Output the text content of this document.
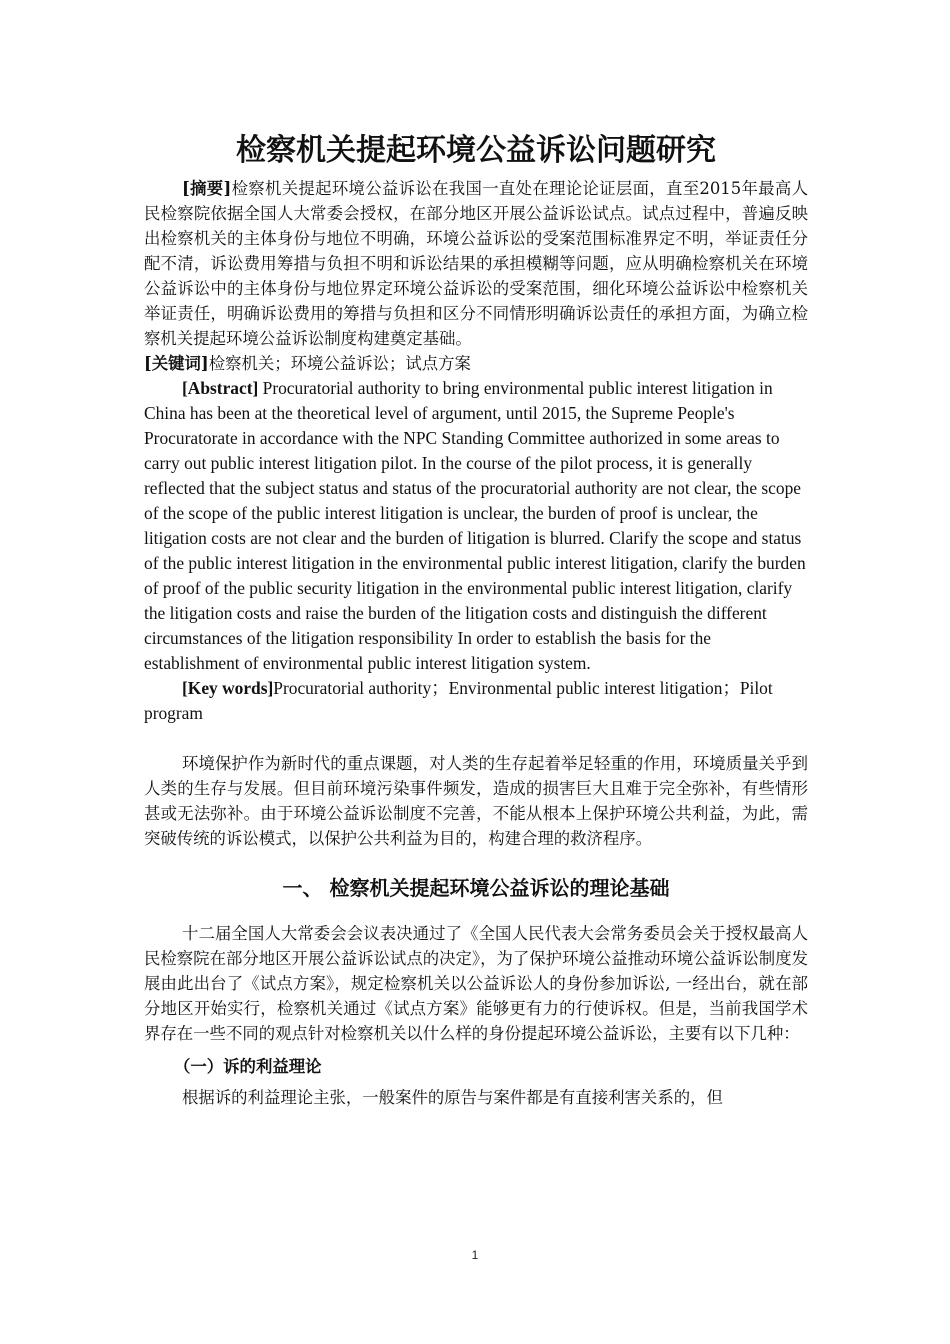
检察机关提起环境公益诉讼问题研究

[摘要]检察机关提起环境公益诉讼在我国一直处在理论论证层面，直至2015年最高人民检察院依据全国人大常委会授权，在部分地区开展公益诉讼试点。试点过程中，普遍反映出检察机关的主体身份与地位不明确，环境公益诉讼的受案范围标准界定不明，举证责任分配不清，诉讼费用筹措与负担不明和诉讼结果的承担模糊等问题，应从明确检察机关在环境公益诉讼中的主体身份与地位界定环境公益诉讼的受案范围，细化环境公益诉讼中检察机关举证责任，明确诉讼费用的筹措与负担和区分不同情形明确诉讼责任的承担方面，为确立检察机关提起环境公益诉讼制度构建奠定基础。

[关键词]检察机关；环境公益诉讼；试点方案

[Abstract] Procuratorial authority to bring environmental public interest litigation in China has been at the theoretical level of argument, until 2015, the Supreme People's Procuratorate in accordance with the NPC Standing Committee authorized in some areas to carry out public interest litigation pilot. In the course of the pilot process, it is generally reflected that the subject status and status of the procuratorial authority are not clear, the scope of the scope of the public interest litigation is unclear, the burden of proof is unclear, the litigation costs are not clear and the burden of litigation is blurred. Clarify the scope and status of the public interest litigation in the environmental public interest litigation, clarify the burden of proof of the public security litigation in the environmental public interest litigation, clarify the litigation costs and raise the burden of the litigation costs and distinguish the different circumstances of the litigation responsibility In order to establish the basis for the establishment of environmental public interest litigation system.

[Key words]Procuratorial authority；Environmental public interest litigation；Pilot program

环境保护作为新时代的重点课题，对人类的生存起着举足轻重的作用，环境质量关乎到人类的生存与发展。但目前环境污染事件频发，造成的损害巨大且难于完全弥补，有些情形甚或无法弥补。由于环境公益诉讼制度不完善，不能从根本上保护环境公共利益，为此，需突破传统的诉讼模式，以保护公共利益为目的，构建合理的救济程序。

一、 检察机关提起环境公益诉讼的理论基础

十二届全国人大常委会会议表决通过了《全国人民代表大会常务委员会关于授权最高人民检察院在部分地区开展公益诉讼试点的决定》，为了保护环境公益推动环境公益诉讼制度发展由此出台了《试点方案》，规定检察机关以公益诉讼人的身份参加诉讼, 一经出台，就在部分地区开始实行，检察机关通过《试点方案》能够更有力的行使诉权。但是，当前我国学术界存在一些不同的观点针对检察机关以什么样的身份提起环境公益诉讼，主要有以下几种：

（一）诉的利益理论

根据诉的利益理论主张，一般案件的原告与案件都是有直接利害关系的，但

1
